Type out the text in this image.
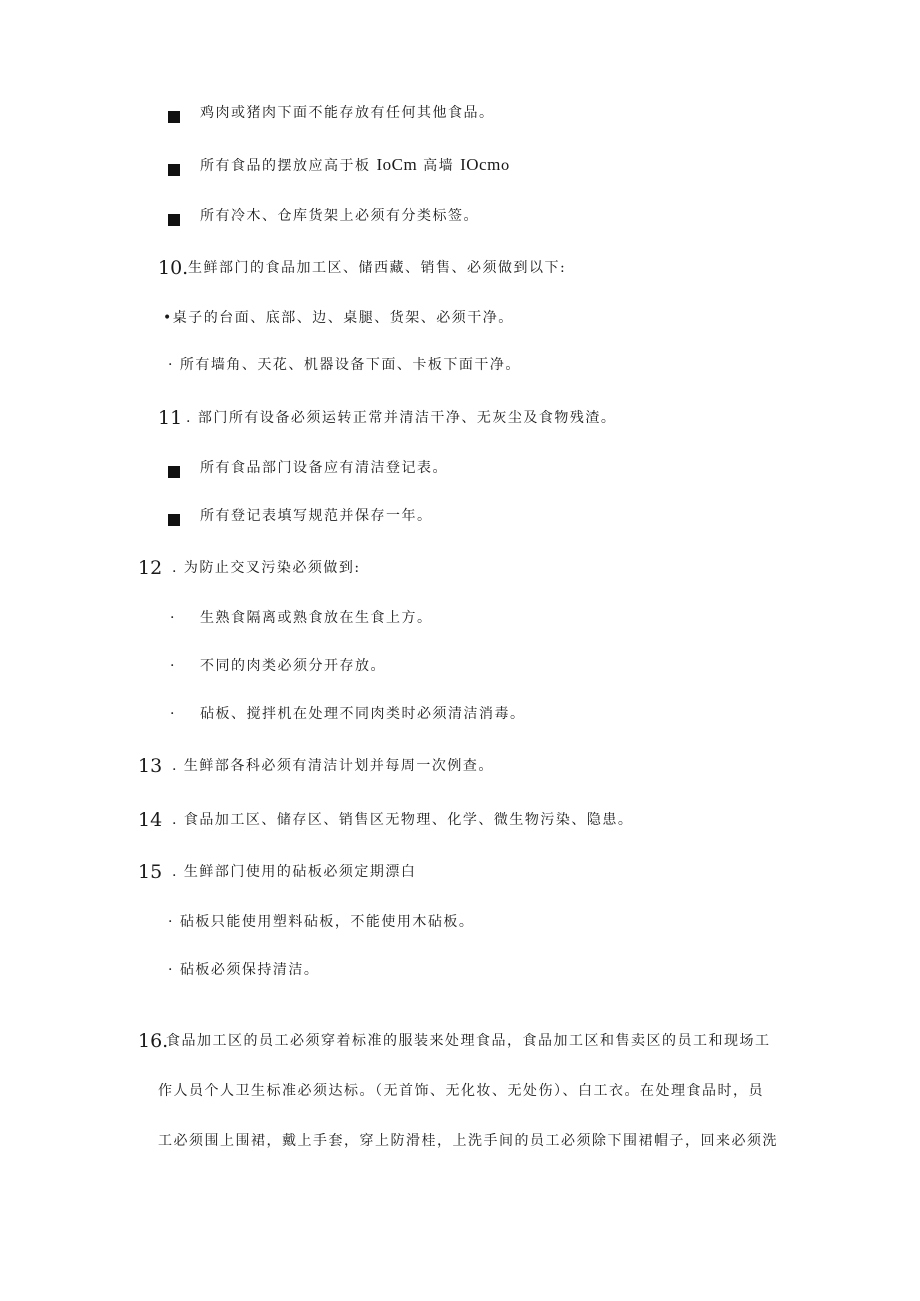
鸡肉或猪肉下面不能存放有任何其他食品。
所有食品的摆放应高于板 IoCm 高墙 IOcmo
所有冷木、仓库货架上必须有分类标签。
10. 生鲜部门的食品加工区、储西藏、销售、必须做到以下:
•桌子的台面、底部、边、桌腿、货架、必须干净。
· 所有墙角、天花、机器设备下面、卡板下面干净。
11 . 部门所有设备必须运转正常并清洁干净、无灰尘及食物残渣。
所有食品部门设备应有清洁登记表。
所有登记表填写规范并保存一年。
12 . 为防止交叉污染必须做到:
· 生熟食隔离或熟食放在生食上方。
· 不同的肉类必须分开存放。
· 砧板、搅拌机在处理不同肉类时必须清洁消毒。
13 . 生鲜部各科必须有清洁计划并每周一次例查。
14 . 食品加工区、储存区、销售区无物理、化学、微生物污染、隐患。
15 . 生鲜部门使用的砧板必须定期漂白
· 砧板只能使用塑料砧板，不能使用木砧板。
· 砧板必须保持清洁。
16.
食品加工区的员工必须穿着标准的服装来处理食品，食品加工区和售卖区的员工和现场工
作人员个人卫生标准必须达标。（无首饰、无化妆、无处伤）、白工衣。在处理食品时，员
工必须围上围裙，戴上手套，穿上防滑桂，上洗手间的员工必须除下围裙帽子，回来必须洗
